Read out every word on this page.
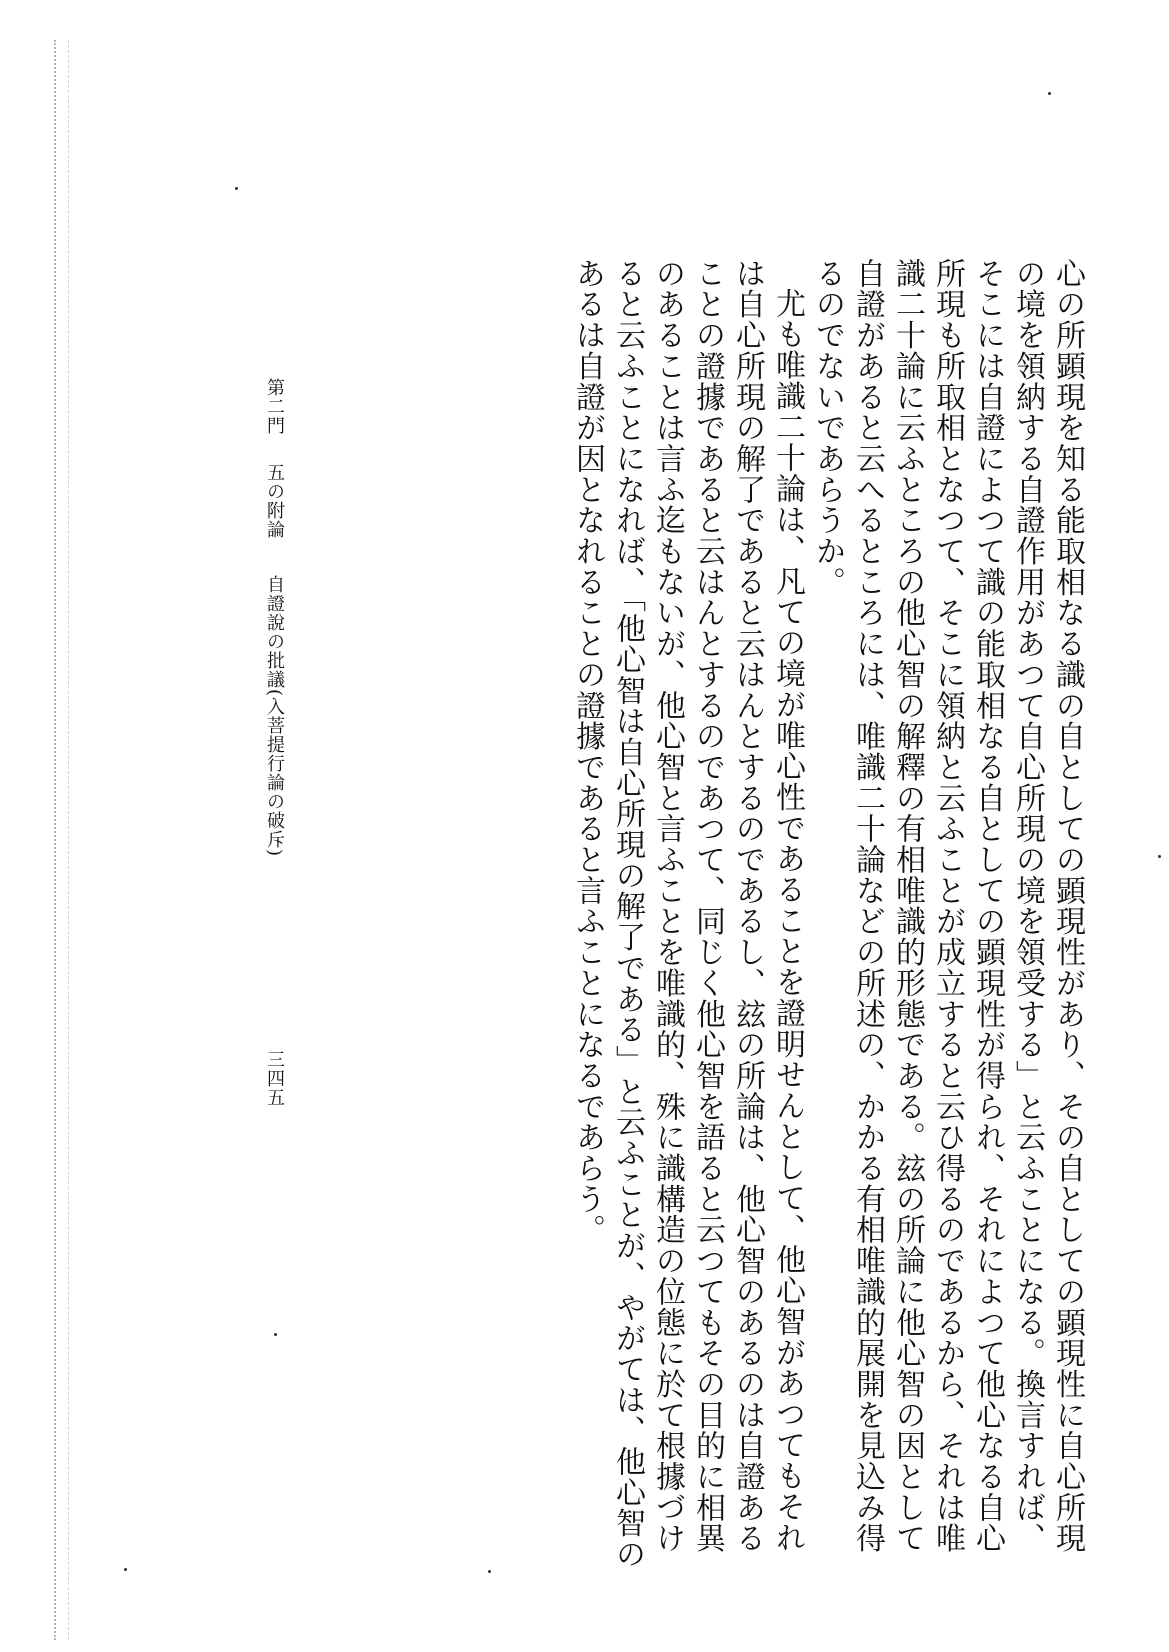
心の所顕現を知る能取相なる識の自としての顕現性があり、その自としての顕現性に自心所現
の境を領納する自證作用があつて自心所現の境を領受する」と云ふことになる。換言すれば、
そこには自證によつて識の能取相なる自としての顕現性が得られ、それによつて他心なる自心
所現も所取相となつて、そこに領納と云ふことが成立すると云ひ得るのであるから、それは唯
識二十論に云ふところの他心智の解釋の有相唯識的形態である。玆の所論に他心智の因として
自證があると云へるところには、唯識二十論などの所述の、かかる有相唯識的展開を見込み得
るのでないであらうか。
尤も唯識二十論は、凡ての境が唯心性であることを證明せんとして、他心智があつてもそれ
は自心所現の解了であると云はんとするのであるし、玆の所論は、他心智のあるのは自證ある
ことの證據であると云はんとするのであつて、同じく他心智を語ると云つてもその目的に相異
のあることは言ふ迄もないが、他心智と言ふことを唯識的、殊に識構造の位態に於て根據づけ
ると云ふことになれば、「他心智は自心所現の解了である」と云ふことが、やがては、他心智の
あるは自證が因となれることの證據であると言ふことになるであらう。
第二門五の附論自證說の批議(入菩提行論の破斥)
三四五
